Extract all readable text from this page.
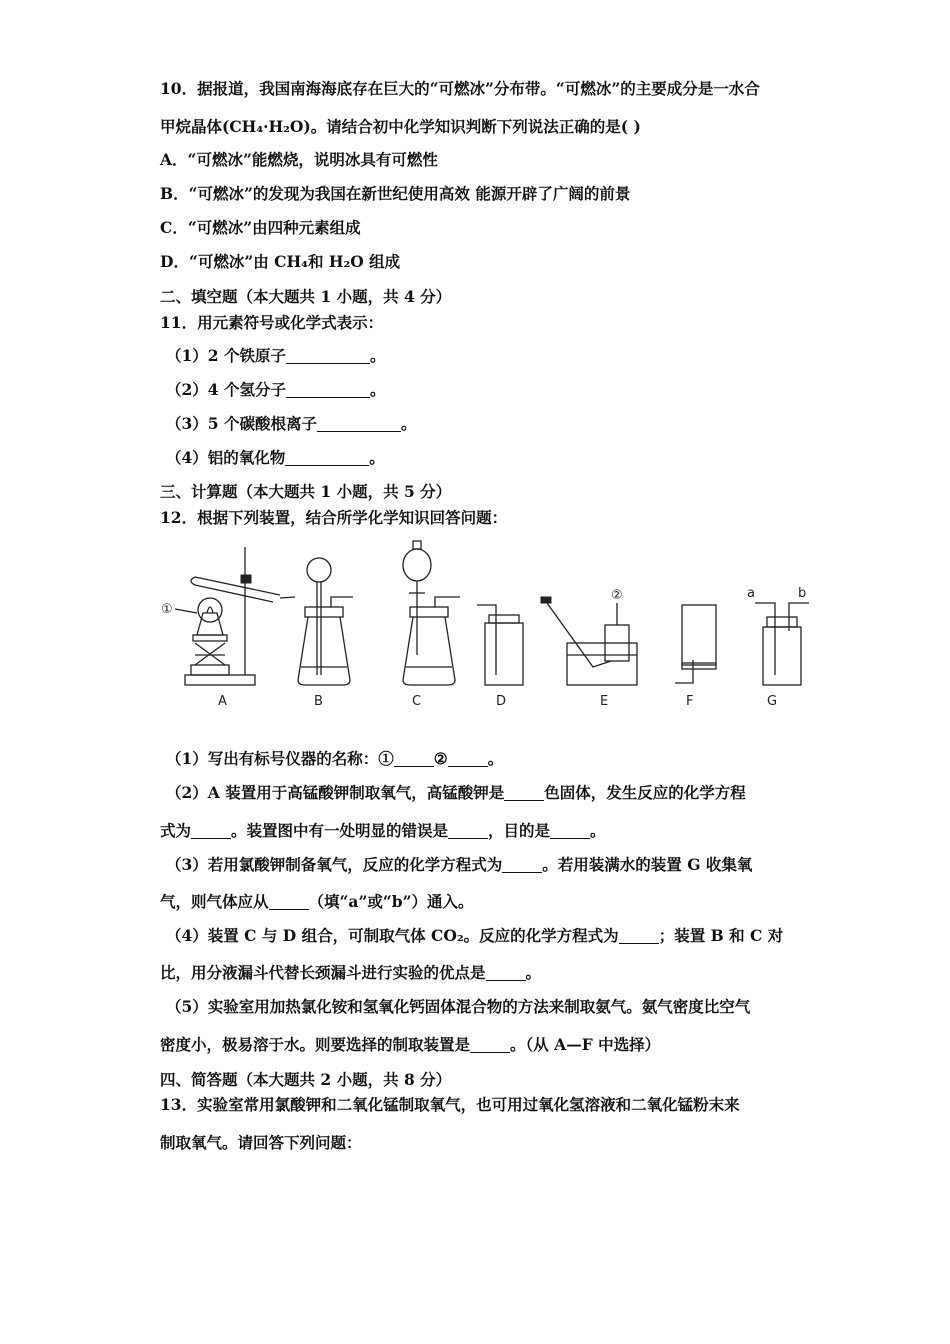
10．据报道，我国南海海底存在巨大的“可燃冰”分布带。“可燃冰”的主要成分是一水合
甲烷晶体(CH₄·H₂O)。请结合初中化学知识判断下列说法正确的是( )
A．“可燃冰”能燃烧，说明冰具有可燃性
B．“可燃冰”的发现为我国在新世纪使用高效 能源开辟了广阔的前景
C．“可燃冰”由四种元素组成
D．“可燃冰”由 CH₄和 H₂O 组成
二、填空题（本大题共 1 小题，共 4 分）
11．用元素符号或化学式表示：
（1）2 个铁原子	。
（2）4 个氢分子	。
（3）5 个碳酸根离子	。
（4）铝的氧化物	。
三、计算题（本大题共 1 小题，共 5 分）
12．根据下列装置，结合所学化学知识回答问题：
①
②	a	b
A	B	C	D	E	F	G
（1）写出有标号仪器的名称：①	②	。
（2）A 装置用于高锰酸钾制取氧气，高锰酸钾是	色固体，发生反应的化学方程
式为	。装置图中有一处明显的错误是	，目的是	。
（3）若用氯酸钾制备氧气，反应的化学方程式为	。若用装满水的装置 G 收集氧
气，则气体应从	（填“a”或“b”）通入。
（4）装置 C 与 D 组合，可制取气体 CO₂。反应的化学方程式为	；装置 B 和 C 对
比，用分液漏斗代替长颈漏斗进行实验的优点是	。
（5）实验室用加热氯化铵和氢氧化钙固体混合物的方法来制取氨气。氨气密度比空气
密度小，极易溶于水。则要选择的制取装置是	。（从 A—F 中选择）
四、简答题（本大题共 2 小题，共 8 分）
13．实验室常用氯酸钾和二氧化锰制取氧气，也可用过氧化氢溶液和二氧化锰粉末来
制取氧气。请回答下列问题：
